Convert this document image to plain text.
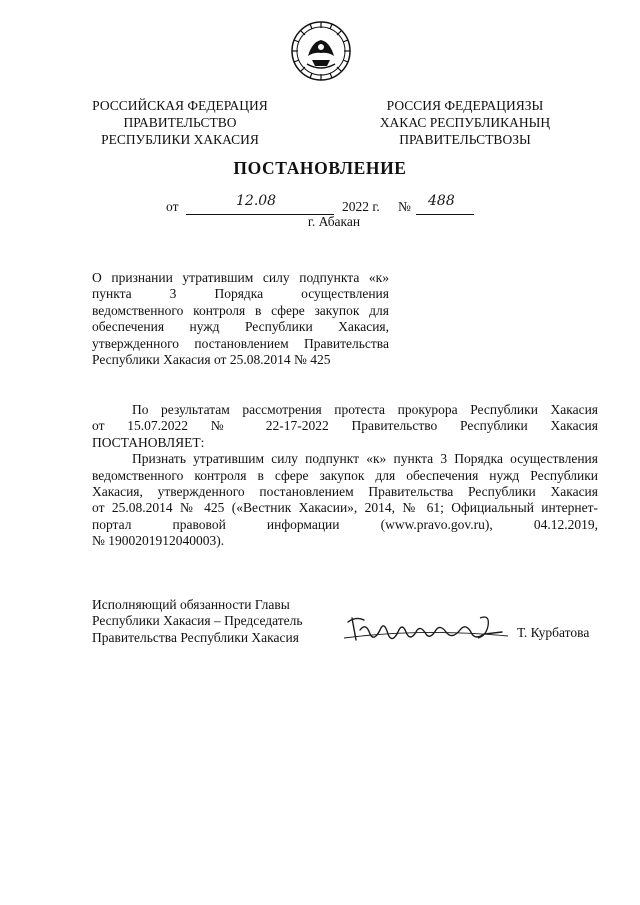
РОССИЙСКАЯ ФЕДЕРАЦИЯ
ПРАВИТЕЛЬСТВО
РЕСПУБЛИКИ ХАКАСИЯ
РОССИЯ ФЕДЕРАЦИЯЗЫ
ХАКАС РЕСПУБЛИКАНЫҢ
ПРАВИТЕЛЬСТВОЗЫ
ПОСТАНОВЛЕНИЕ
от	12.08	2022 г. № 488
г. Абакан
О признании утратившим силу подпункта «к»
пункта 3 Порядка осуществления
ведомственного контроля в сфере закупок для
обеспечения нужд Республики Хакасия,
утвержденного постановлением Правительства
Республики Хакасия от 25.08.2014 № 425
По результатам рассмотрения протеста прокурора Республики Хакасия
от 15.07.2022 № 22-17-2022 Правительство Республики Хакасия
ПОСТАНОВЛЯЕТ:
Признать утратившим силу подпункт «к» пункта 3 Порядка осуществления
ведомственного контроля в сфере закупок для обеспечения нужд Республики
Хакасия, утвержденного постановлением Правительства Республики Хакасия
от 25.08.2014 № 425 («Вестник Хакасии», 2014, № 61; Официальный интернет-
портал правовой информации (www.pravo.gov.ru), 04.12.2019,
№ 1900201912040003).
Исполняющий обязанности Главы
Республики Хакасия – Председатель
Правительства Республики Хакасия	Т. Курбатова
